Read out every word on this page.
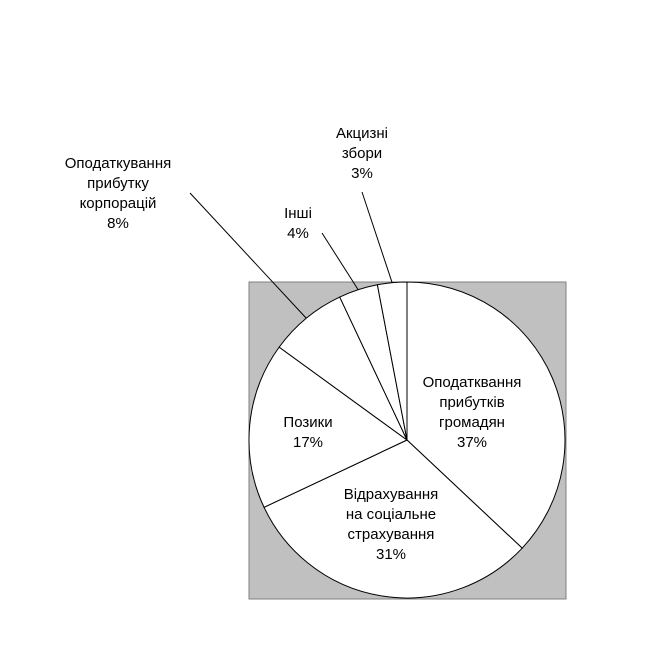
Оподатквання прибутків громадян 37%
Відрахування на соціальне страхування 31%
Позики 17%
Оподаткування прибутку корпорацій 8%
Інші 4%
Акцизні збори 3%
